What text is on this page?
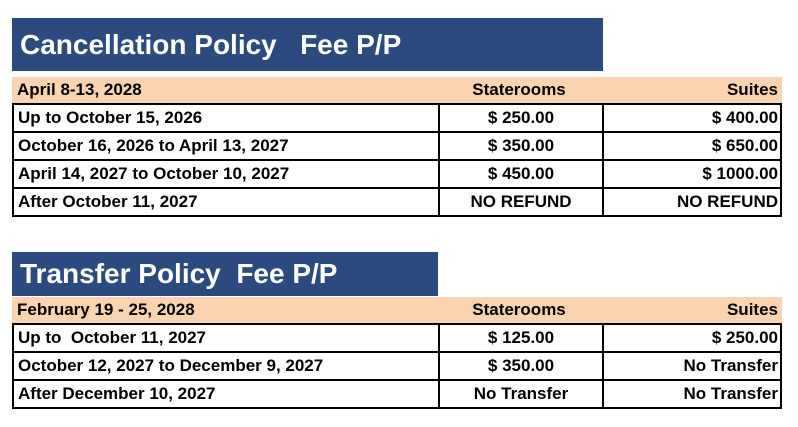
Cancellation Policy   Fee P/P
April 8-13, 2028	Staterooms	Suites
Up to October 15, 2026	$ 250.00	$ 400.00
October 16, 2026 to April 13, 2027	$ 350.00	$ 650.00
April 14, 2027 to October 10, 2027	$ 450.00	$ 1000.00
After October 11, 2027	NO REFUND	NO REFUND
Transfer Policy  Fee P/P
February 19 - 25, 2028	Staterooms	Suites
Up to  October 11, 2027	$ 125.00	$ 250.00
October 12, 2027 to December 9, 2027	$ 350.00	No Transfer
After December 10, 2027	No Transfer	No Transfer
